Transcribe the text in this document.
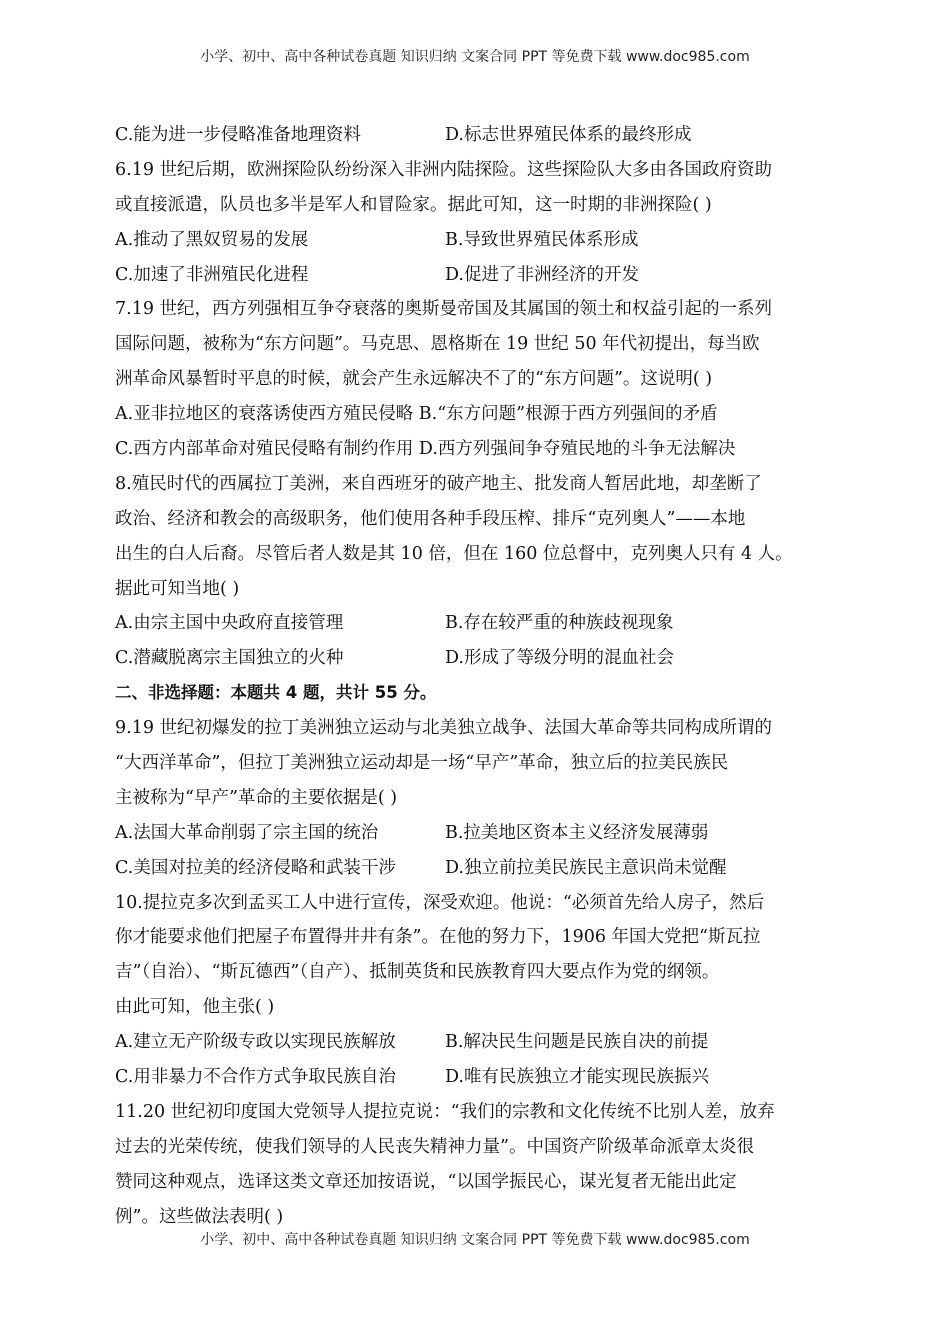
小学、初中、高中各种试卷真题 知识归纳 文案合同 PPT 等免费下载 www.doc985.com
C.能为进一步侵略准备地理资料	D.标志世界殖民体系的最终形成
6.19 世纪后期，欧洲探险队纷纷深入非洲内陆探险。这些探险队大多由各国政府资助
或直接派遣，队员也多半是军人和冒险家。据此可知，这一时期的非洲探险( )
A.推动了黑奴贸易的发展	B.导致世界殖民体系形成
C.加速了非洲殖民化进程	D.促进了非洲经济的开发
7.19 世纪，西方列强相互争夺衰落的奥斯曼帝国及其属国的领土和权益引起的一系列
国际问题，被称为“东方问题”。马克思、恩格斯在 19 世纪 50 年代初提出，每当欧
洲革命风暴暂时平息的时候，就会产生永远解决不了的“东方问题”。这说明( )
A.亚非拉地区的衰落诱使西方殖民侵略 B.“东方问题”根源于西方列强间的矛盾
C.西方内部革命对殖民侵略有制约作用 D.西方列强间争夺殖民地的斗争无法解决
8.殖民时代的西属拉丁美洲，来自西班牙的破产地主、批发商人暂居此地，却垄断了
政治、经济和教会的高级职务，他们使用各种手段压榨、排斥“克列奥人”——本地
出生的白人后裔。尽管后者人数是其 10 倍，但在 160 位总督中，克列奥人只有 4 人。
据此可知当地( )
A.由宗主国中央政府直接管理	B.存在较严重的种族歧视现象
C.潜藏脱离宗主国独立的火种	D.形成了等级分明的混血社会
二、非选择题：本题共 4 题，共计 55 分。
9.19 世纪初爆发的拉丁美洲独立运动与北美独立战争、法国大革命等共同构成所谓的
“大西洋革命”，但拉丁美洲独立运动却是一场“早产”革命，独立后的拉美民族民
主被称为“早产”革命的主要依据是( )
A.法国大革命削弱了宗主国的统治	B.拉美地区资本主义经济发展薄弱
C.美国对拉美的经济侵略和武装干涉	D.独立前拉美民族民主意识尚未觉醒
10.提拉克多次到孟买工人中进行宣传，深受欢迎。他说：“必须首先给人房子，然后
你才能要求他们把屋子布置得井井有条”。在他的努力下，1906 年国大党把“斯瓦拉
吉”（自治）、“斯瓦德西”（自产）、抵制英货和民族教育四大要点作为党的纲领。
由此可知，他主张( )
A.建立无产阶级专政以实现民族解放	B.解决民生问题是民族自决的前提
C.用非暴力不合作方式争取民族自治	D.唯有民族独立才能实现民族振兴
11.20 世纪初印度国大党领导人提拉克说：“我们的宗教和文化传统不比别人差，放弃
过去的光荣传统，使我们领导的人民丧失精神力量”。中国资产阶级革命派章太炎很
赞同这种观点，选译这类文章还加按语说，“以国学振民心，谋光复者无能出此定
例”。这些做法表明( )
小学、初中、高中各种试卷真题 知识归纳 文案合同 PPT 等免费下载 www.doc985.com
